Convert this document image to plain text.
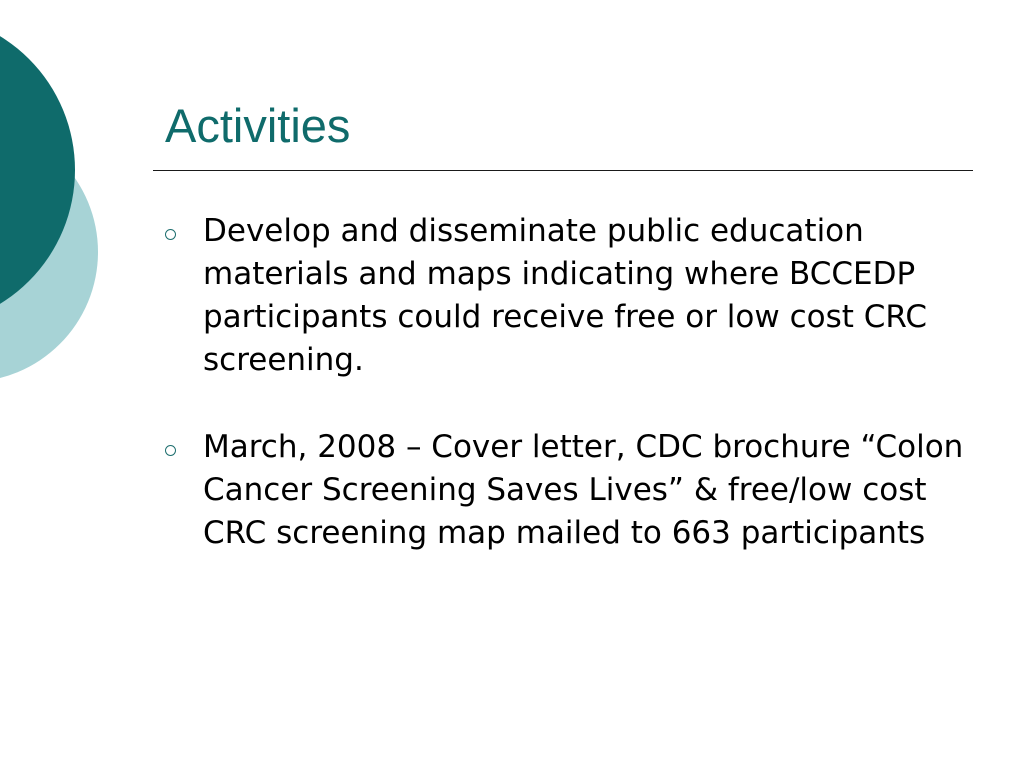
Activities
Develop and disseminate public education materials and maps indicating where BCCEDP participants could receive free or low cost CRC screening.
March, 2008 – Cover letter, CDC brochure “Colon Cancer Screening Saves Lives” & free/low cost CRC screening map mailed to 663 participants
